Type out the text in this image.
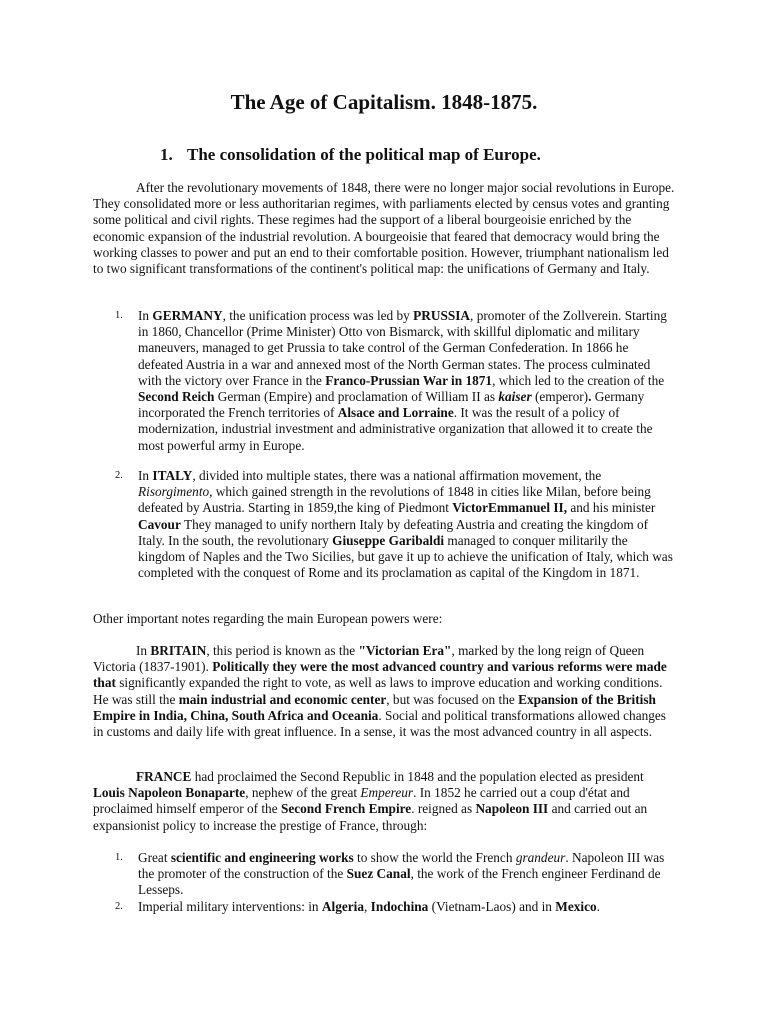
The Age of Capitalism. 1848-1875.
1. The consolidation of the political map of Europe.

After the revolutionary movements of 1848, there were no longer major social revolutions in Europe. They consolidated more or less authoritarian regimes, with parliaments elected by census votes and granting some political and civil rights. These regimes had the support of a liberal bourgeoisie enriched by the economic expansion of the industrial revolution. A bourgeoisie that feared that democracy would bring the working classes to power and put an end to their comfortable position. However, triumphant nationalism led to two significant transformations of the continent's political map: the unifications of Germany and Italy.

1. In GERMANY, the unification process was led by PRUSSIA, promoter of the Zollverein. Starting in 1860, Chancellor (Prime Minister) Otto von Bismarck, with skillful diplomatic and military maneuvers, managed to get Prussia to take control of the German Confederation. In 1866 he defeated Austria in a war and annexed most of the North German states. The process culminated with the victory over France in the Franco-Prussian War in 1871, which led to the creation of the Second Reich German (Empire) and proclamation of William II as kaiser (emperor). Germany incorporated the French territories of Alsace and Lorraine. It was the result of a policy of modernization, industrial investment and administrative organization that allowed it to create the most powerful army in Europe.
2. In ITALY, divided into multiple states, there was a national affirmation movement, the Risorgimento, which gained strength in the revolutions of 1848 in cities like Milan, before being defeated by Austria. Starting in 1859,the king of Piedmont VictorEmmanuel II, and his minister Cavour They managed to unify northern Italy by defeating Austria and creating the kingdom of Italy. In the south, the revolutionary Giuseppe Garibaldi managed to conquer militarily the kingdom of Naples and the Two Sicilies, but gave it up to achieve the unification of Italy, which was completed with the conquest of Rome and its proclamation as capital of the Kingdom in 1871.

Other important notes regarding the main European powers were:

In BRITAIN, this period is known as the "Victorian Era", marked by the long reign of Queen Victoria (1837-1901). Politically they were the most advanced country and various reforms were made that significantly expanded the right to vote, as well as laws to improve education and working conditions. He was still the main industrial and economic center, but was focused on the Expansion of the British Empire in India, China, South Africa and Oceania. Social and political transformations allowed changes in customs and daily life with great influence. In a sense, it was the most advanced country in all aspects.

FRANCE had proclaimed the Second Republic in 1848 and the population elected as president Louis Napoleon Bonaparte, nephew of the great Empereur. In 1852 he carried out a coup d'état and proclaimed himself emperor of the Second French Empire. reigned as Napoleon III and carried out an expansionist policy to increase the prestige of France, through:

1. Great scientific and engineering works to show the world the French grandeur. Napoleon III was the promoter of the construction of the Suez Canal, the work of the French engineer Ferdinand de Lesseps.
2. Imperial military interventions: in Algeria, Indochina (Vietnam-Laos) and in Mexico.
